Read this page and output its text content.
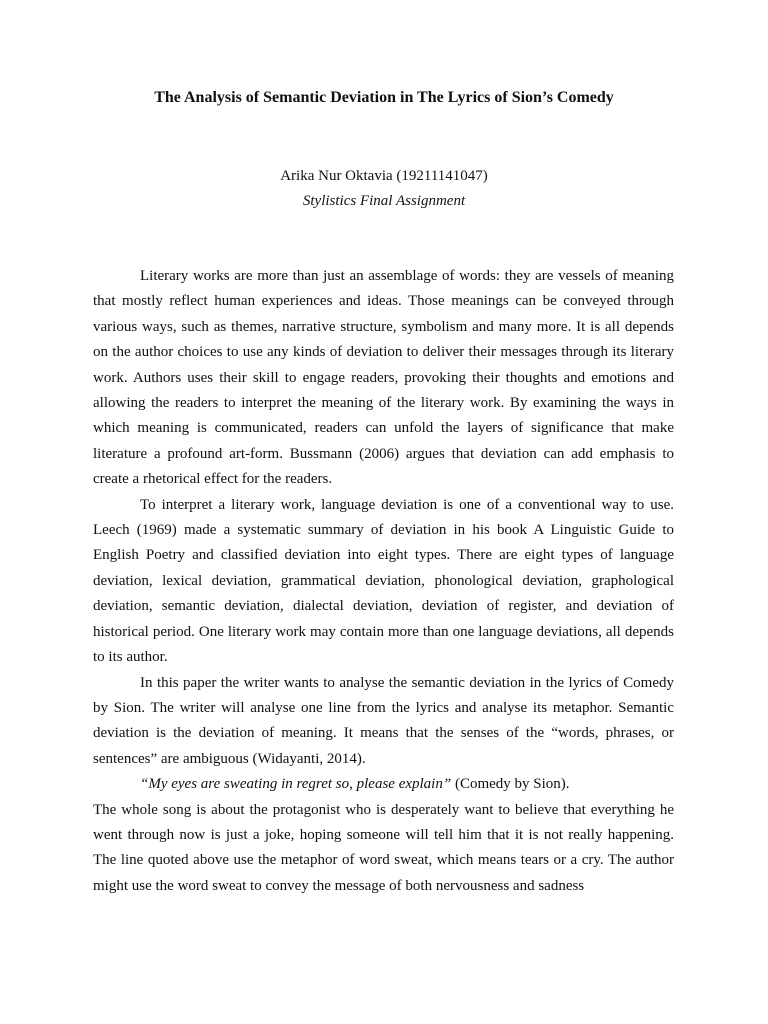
The Analysis of Semantic Deviation in The Lyrics of Sion’s Comedy
Arika Nur Oktavia (19211141047)
Stylistics Final Assignment

Literary works are more than just an assemblage of words: they are vessels of meaning that mostly reflect human experiences and ideas. Those meanings can be conveyed through various ways, such as themes, narrative structure, symbolism and many more. It is all depends on the author choices to use any kinds of deviation to deliver their messages through its literary work. Authors uses their skill to engage readers, provoking their thoughts and emotions and allowing the readers to interpret the meaning of the literary work. By examining the ways in which meaning is communicated, readers can unfold the layers of significance that make literature a profound art-form. Bussmann (2006) argues that deviation can add emphasis to create a rhetorical effect for the readers.

To interpret a literary work, language deviation is one of a conventional way to use. Leech (1969) made a systematic summary of deviation in his book A Linguistic Guide to English Poetry and classified deviation into eight types. There are eight types of language deviation, lexical deviation, grammatical deviation, phonological deviation, graphological deviation, semantic deviation, dialectal deviation, deviation of register, and deviation of historical period. One literary work may contain more than one language deviations, all depends to its author.

In this paper the writer wants to analyse the semantic deviation in the lyrics of Comedy by Sion. The writer will analyse one line from the lyrics and analyse its metaphor. Semantic deviation is the deviation of meaning. It means that the senses of the “words, phrases, or sentences” are ambiguous (Widayanti, 2014).

“My eyes are sweating in regret so, please explain” (Comedy by Sion).

The whole song is about the protagonist who is desperately want to believe that everything he went through now is just a joke, hoping someone will tell him that it is not really happening. The line quoted above use the metaphor of word sweat, which means tears or a cry. The author might use the word sweat to convey the message of both nervousness and sadness
